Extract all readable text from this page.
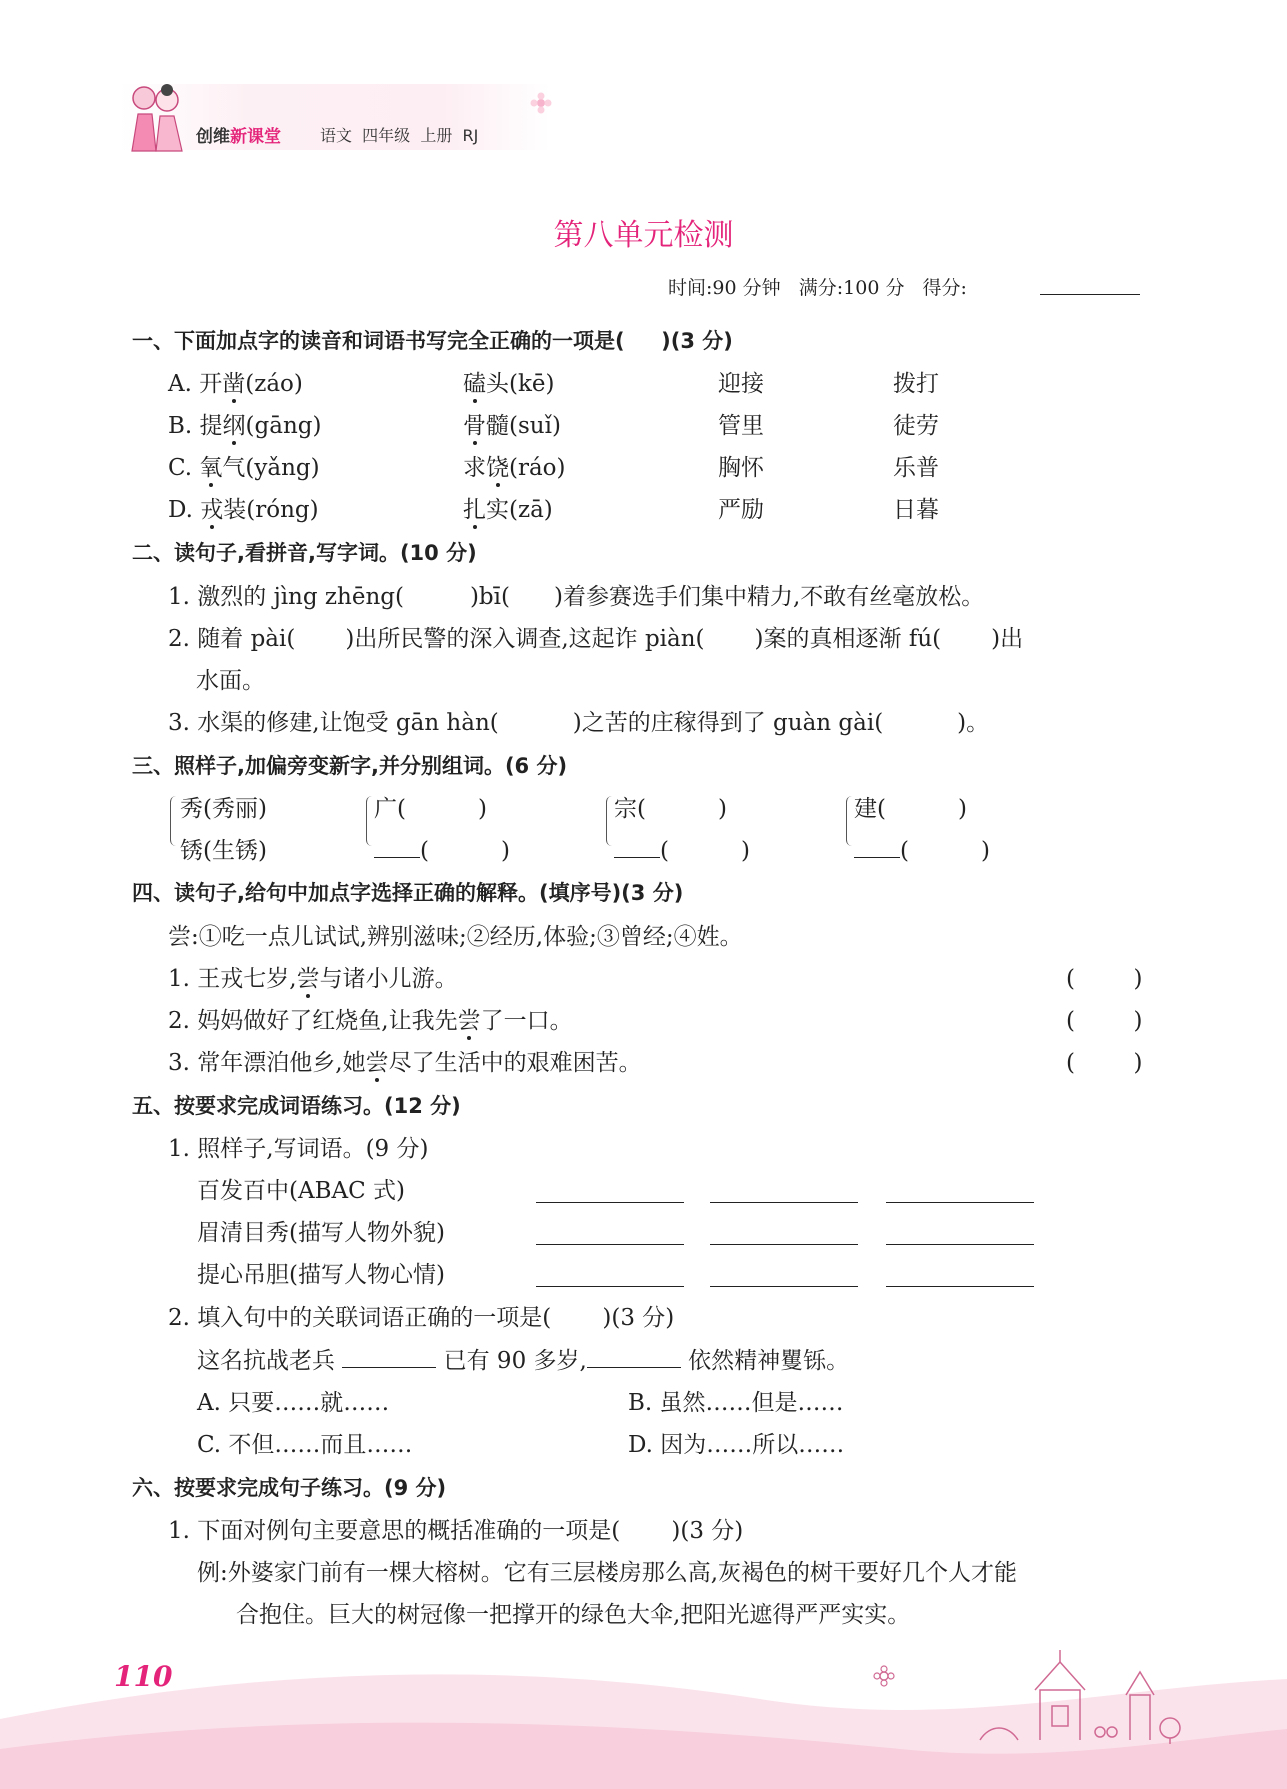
创维新课堂 语文  四年级  上册  RJ
第八单元检测
时间:90 分钟   满分:100 分   得分:
一、下面加点字的读音和词语书写完全正确的一项是(     )(3 分)
A. 开凿(záo)	磕头(kē)	迎接	拨打
B. 提纲(gāng)	骨髓(suǐ)	管里	徒劳
C. 氧气(yǎng)	求饶(ráo)	胸怀	乐普
D. 戎装(róng)	扎实(zā)	严励	日暮
二、读句子,看拼音,写字词。(10 分)
1. 激烈的 jìng zhēng(	)bī( )着参赛选手们集中精力,不敢有丝毫放松。
2. 随着 pài( )出所民警的深入调查,这起诈 piàn( )案的真相逐渐 fú( )出
水面。
3. 水渠的修建,让饱受 gān hàn(	)之苦的庄稼得到了 guàn gài(	)。
三、照样子,加偏旁变新字,并分别组词。(6 分)
秀(秀丽)
锈(生锈)
广(	)
(	)
宗(	)
(	)
建(	)
(	)
四、读句子,给句中加点字选择正确的解释。(填序号)(3 分)
尝:①吃一点儿试试,辨别滋味;②经历,体验;③曾经;④姓。
1. 王戎七岁,尝与诸小儿游。	(        )
2. 妈妈做好了红烧鱼,让我先尝了一口。	(        )
3. 常年漂泊他乡,她尝尽了生活中的艰难困苦。	(        )
五、按要求完成词语练习。(12 分)
1. 照样子,写词语。(9 分)
百发百中(ABAC 式)
眉清目秀(描写人物外貌)
提心吊胆(描写人物心情)
2. 填入句中的关联词语正确的一项是(       )(3 分)
这名抗战老兵	已有 90 多岁,	依然精神矍铄。
A. 只要……就……	B. 虽然……但是……
C. 不但……而且……	D. 因为……所以……
六、按要求完成句子练习。(9 分)
1. 下面对例句主要意思的概括准确的一项是(       )(3 分)
例:外婆家门前有一棵大榕树。它有三层楼房那么高,灰褐色的树干要好几个人才能
合抱住。巨大的树冠像一把撑开的绿色大伞,把阳光遮得严严实实。
110
